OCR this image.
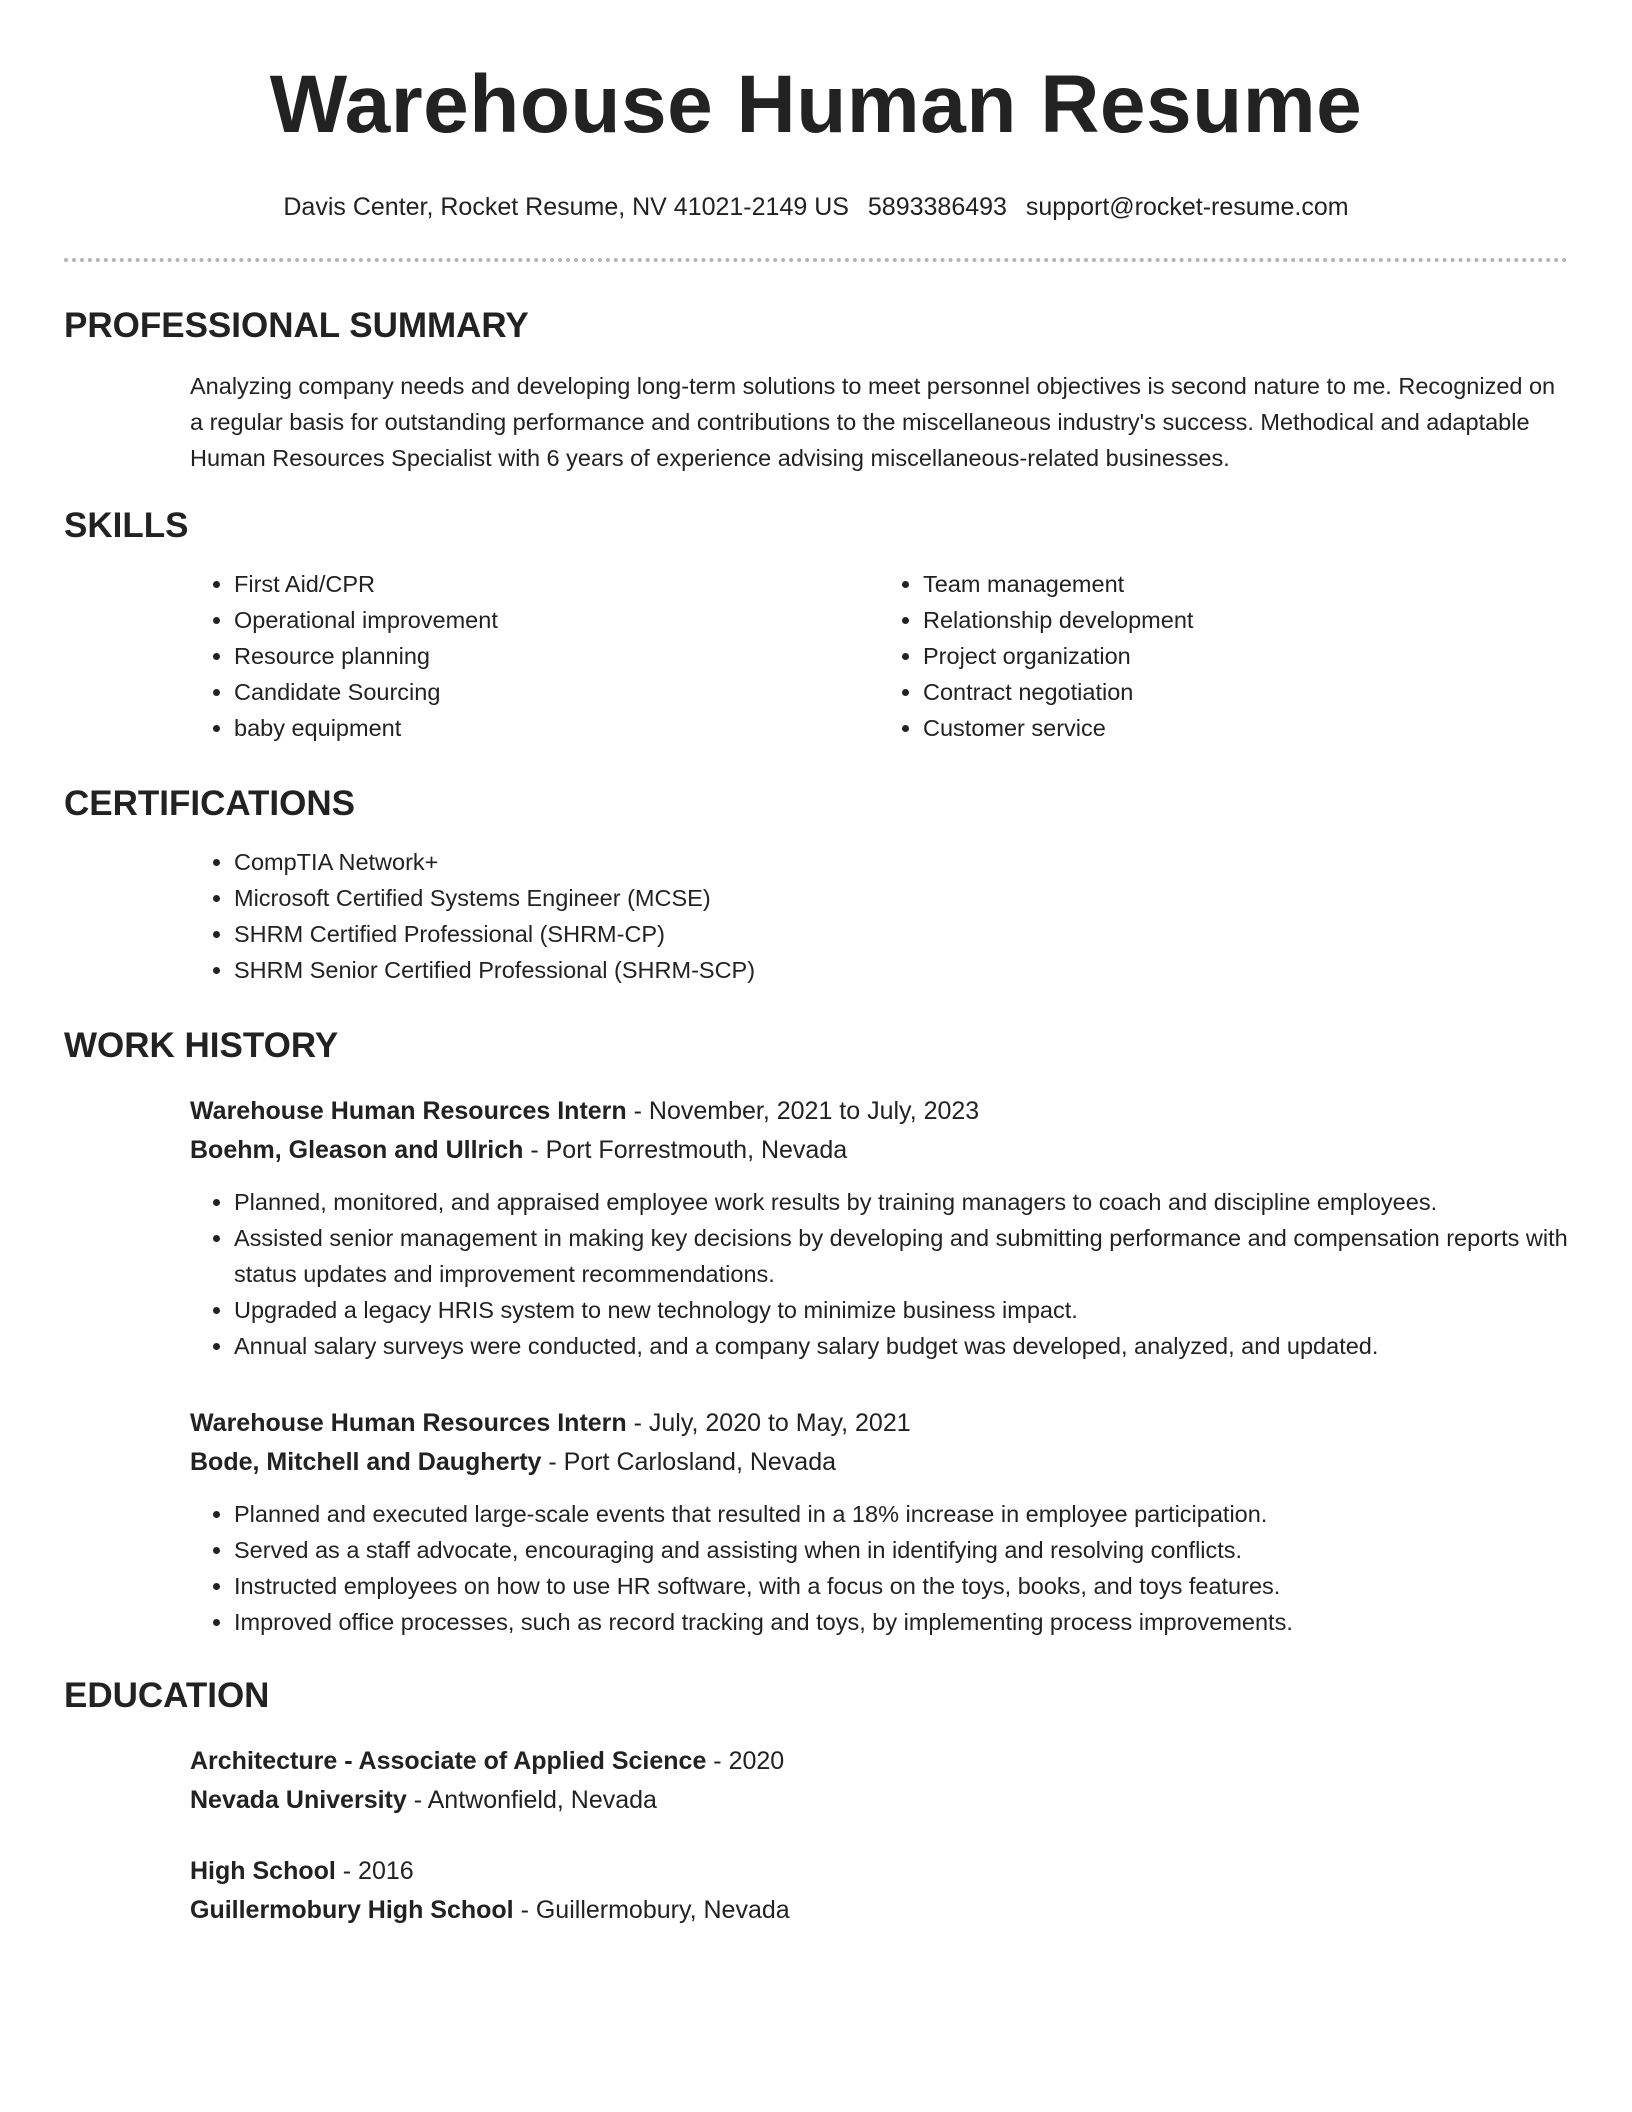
Warehouse Human Resume
Davis Center, Rocket Resume, NV 41021-2149 US 5893386493 support@rocket-resume.com
PROFESSIONAL SUMMARY

Analyzing company needs and developing long-term solutions to meet personnel objectives is second nature to me. Recognized on a regular basis for outstanding performance and contributions to the miscellaneous industry's success. Methodical and adaptable Human Resources Specialist with 6 years of experience advising miscellaneous-related businesses.

SKILLS
• First Aid/CPR
• Operational improvement
• Resource planning
• Candidate Sourcing
• baby equipment
• Team management
• Relationship development
• Project organization
• Contract negotiation
• Customer service
CERTIFICATIONS
• CompTIA Network+
• Microsoft Certified Systems Engineer (MCSE)
• SHRM Certified Professional (SHRM-CP)
• SHRM Senior Certified Professional (SHRM-SCP)
WORK HISTORY
Warehouse Human Resources Intern - November, 2021 to July, 2023
Boehm, Gleason and Ullrich - Port Forrestmouth, Nevada
• Planned, monitored, and appraised employee work results by training managers to coach and discipline employees.
• Assisted senior management in making key decisions by developing and submitting performance and compensation reports with status updates and improvement recommendations.
• Upgraded a legacy HRIS system to new technology to minimize business impact.
• Annual salary surveys were conducted, and a company salary budget was developed, analyzed, and updated.
Warehouse Human Resources Intern - July, 2020 to May, 2021
Bode, Mitchell and Daugherty - Port Carlosland, Nevada
• Planned and executed large-scale events that resulted in a 18% increase in employee participation.
• Served as a staff advocate, encouraging and assisting when in identifying and resolving conflicts.
• Instructed employees on how to use HR software, with a focus on the toys, books, and toys features.
• Improved office processes, such as record tracking and toys, by implementing process improvements.
EDUCATION
Architecture - Associate of Applied Science - 2020
Nevada University - Antwonfield, Nevada
High School - 2016
Guillermobury High School - Guillermobury, Nevada
